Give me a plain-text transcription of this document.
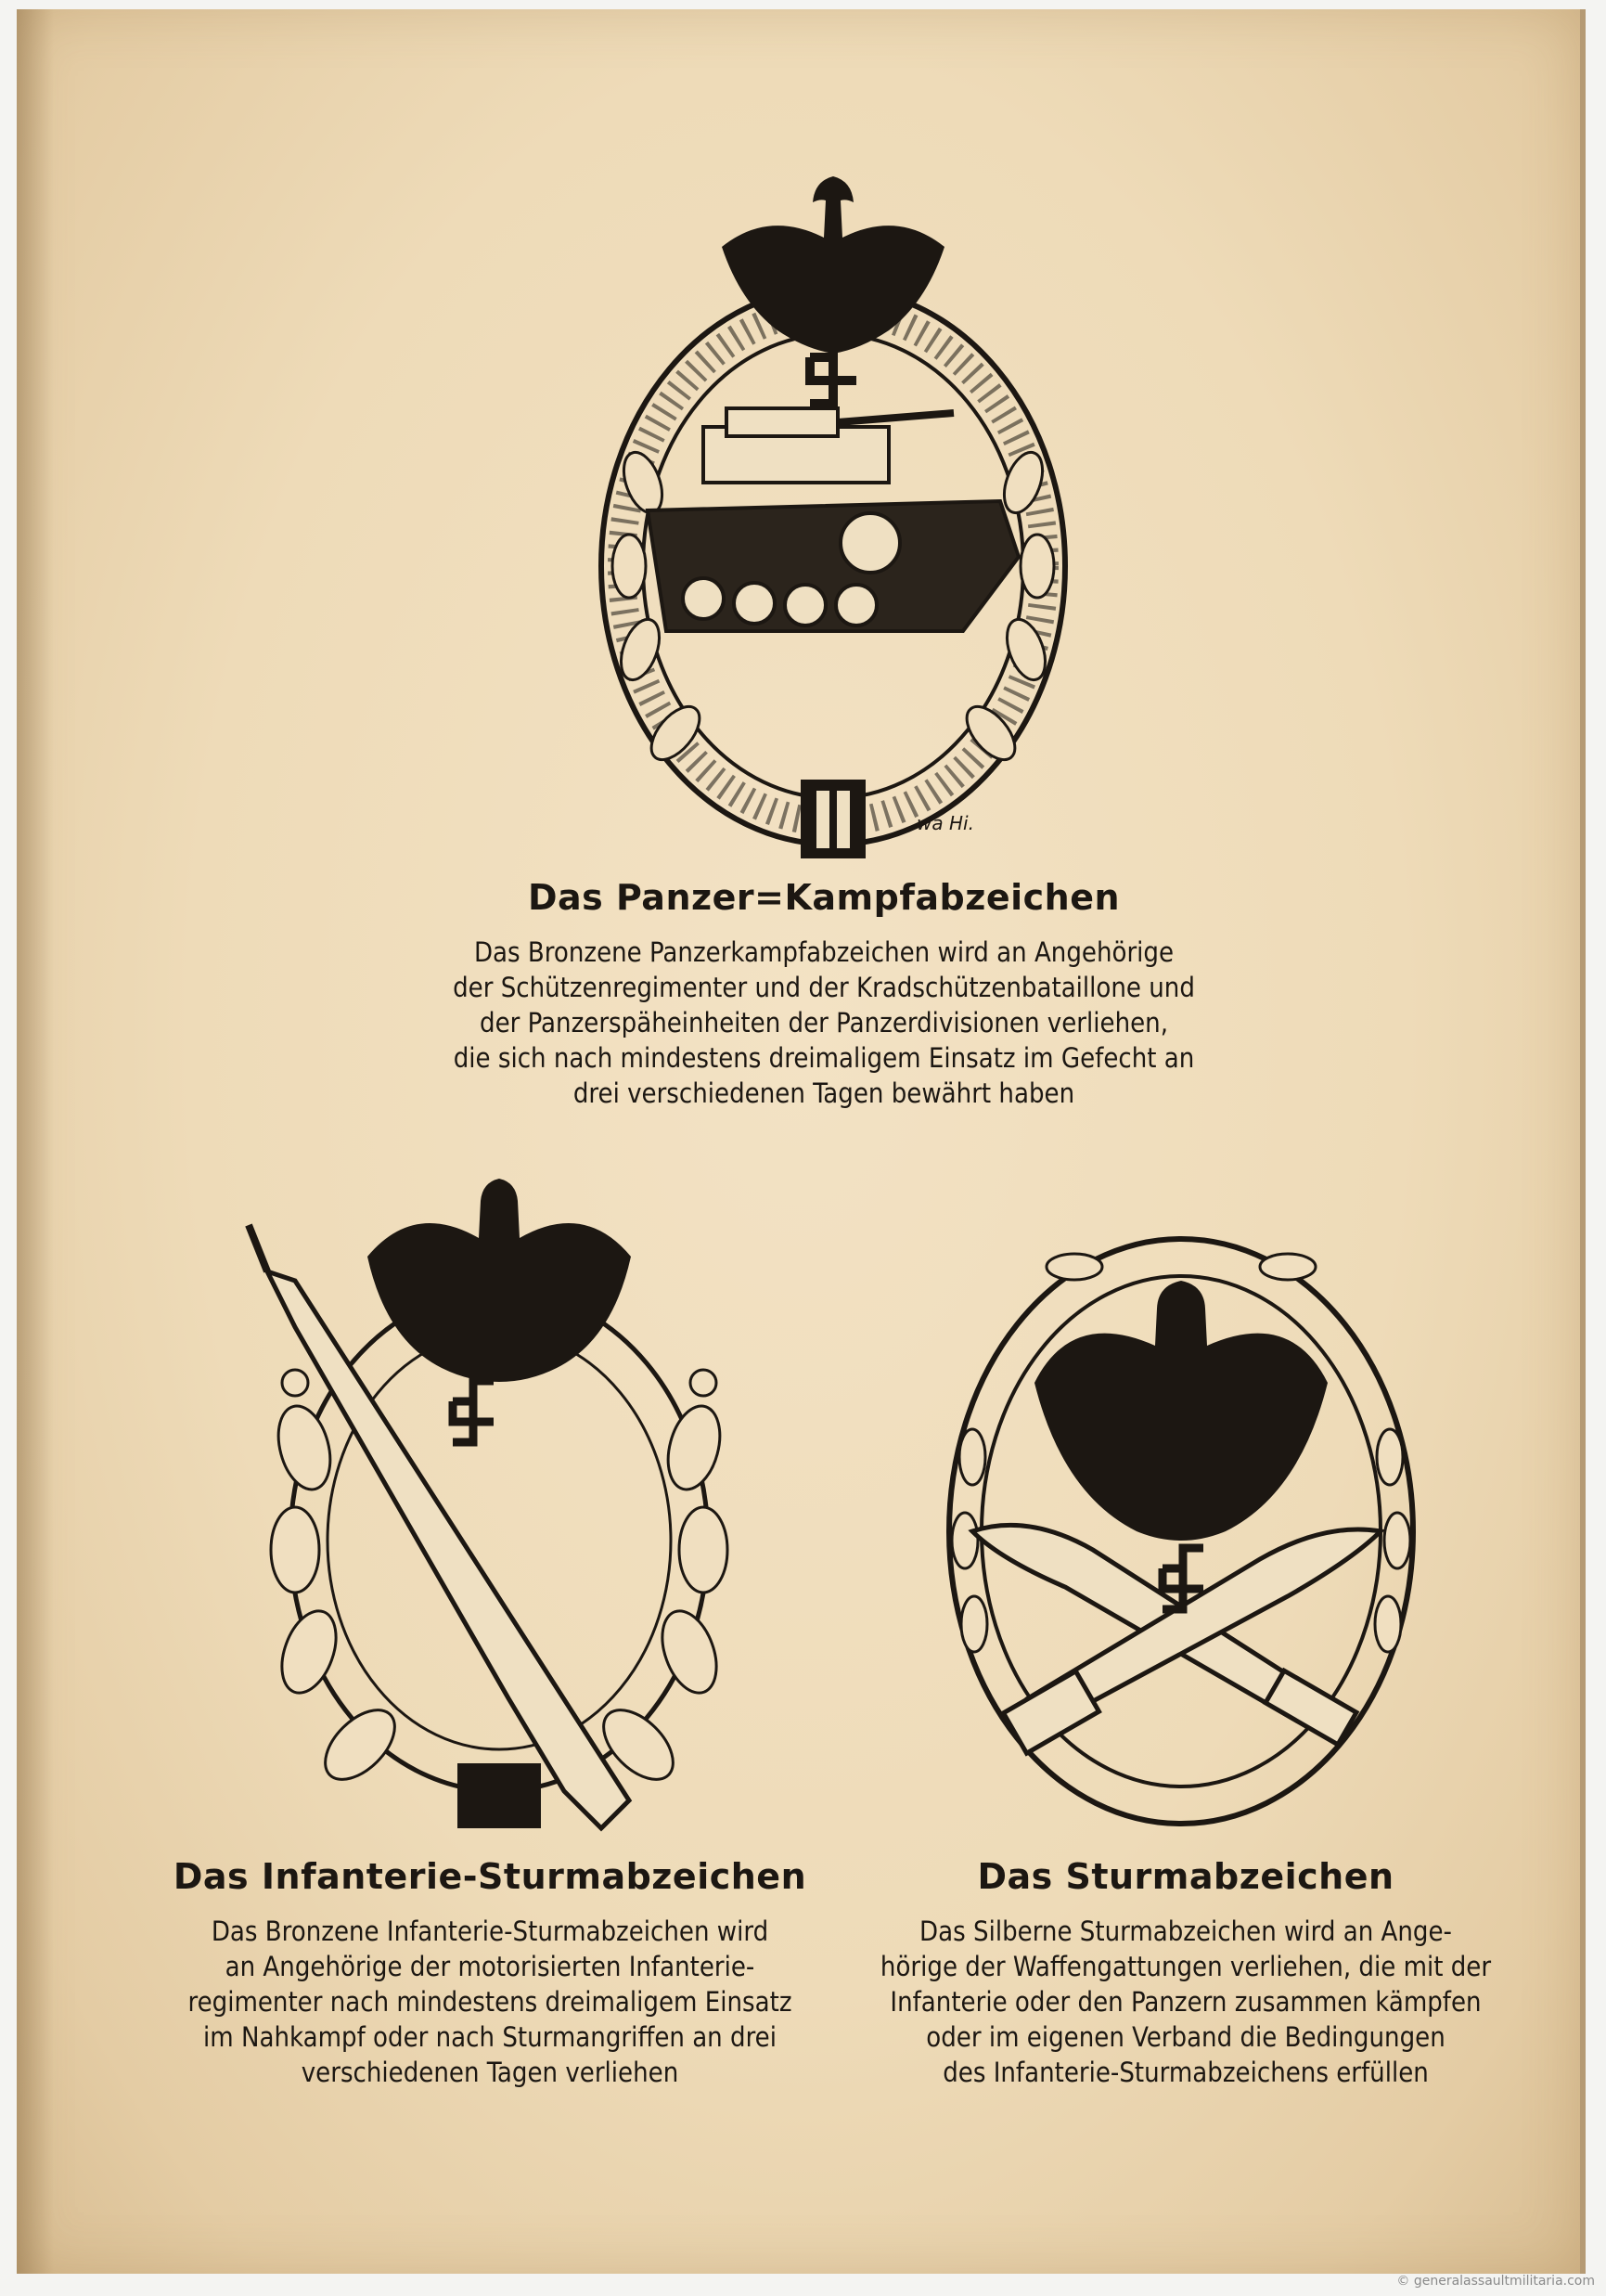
wa Hi.
Das Panzer=Kampfabzeichen

Das Bronzene Panzerkampfabzeichen wird an Angehörige
der Schützenregimenter und der Kradschützenbataillone und
der Panzerspäheinheiten der Panzerdivisionen verliehen,
die sich nach mindestens dreimaligem Einsatz im Gefecht an
drei verschiedenen Tagen bewährt haben

Das Infanterie-Sturmabzeichen

Das Bronzene Infanterie-Sturmabzeichen wird
an Angehörige der motorisierten Infanterie-
regimenter nach mindestens dreimaligem Einsatz
im Nahkampf oder nach Sturmangriffen an drei
verschiedenen Tagen verliehen

Das Sturmabzeichen

Das Silberne Sturmabzeichen wird an Ange-
hörige der Waffengattungen verliehen, die mit der
Infanterie oder den Panzern zusammen kämpfen
oder im eigenen Verband die Bedingungen
des Infanterie-Sturmabzeichens erfüllen

© generalassaultmilitaria.com
